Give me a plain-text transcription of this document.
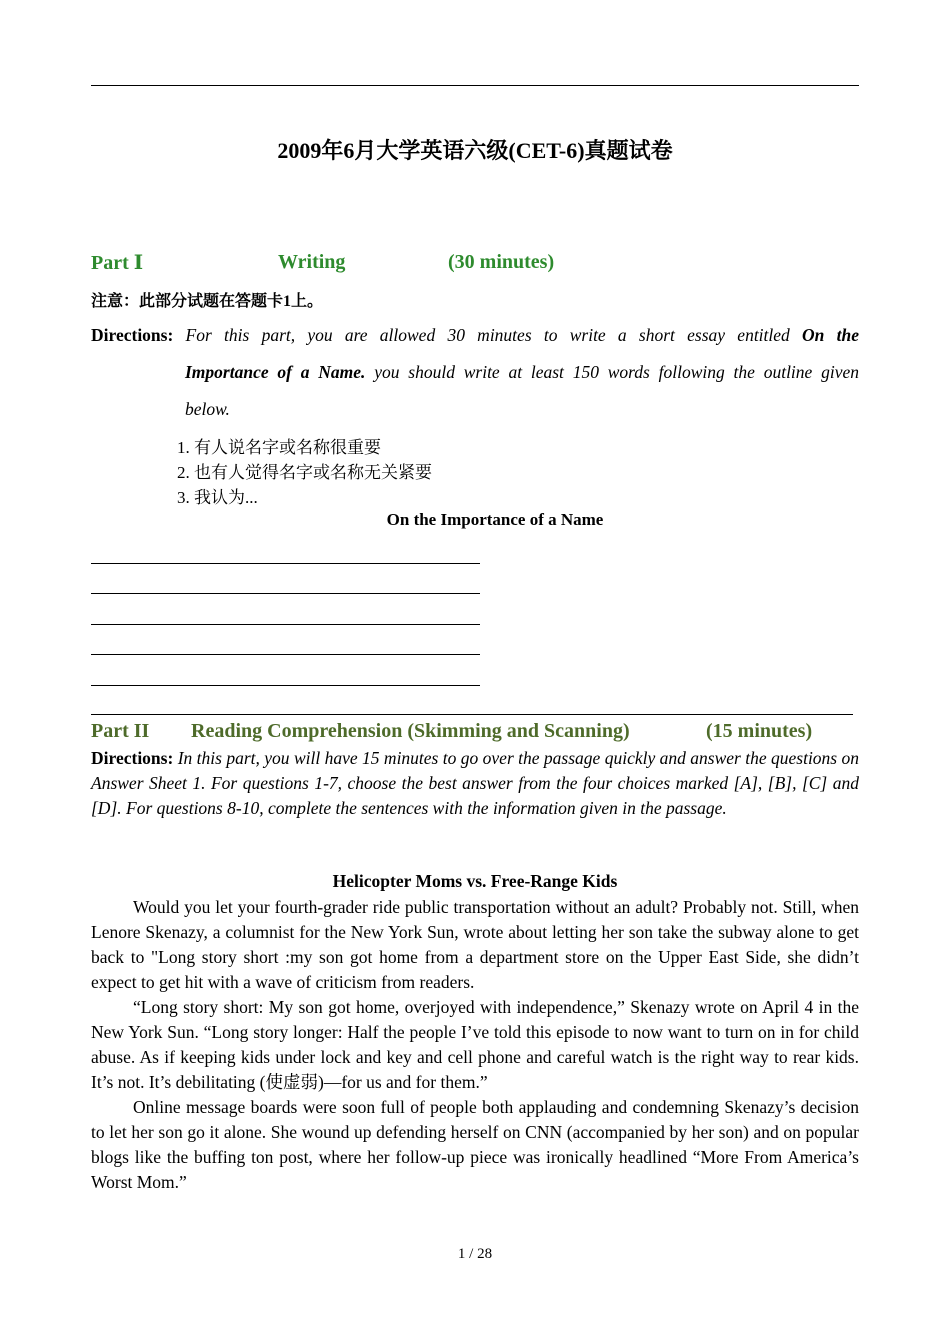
2009年6月大学英语六级(CET-6)真题试卷
Part Ⅰ	Writing	(30 minutes)
注意：此部分试题在答题卡1上。
Directions: For this part, you are allowed 30 minutes to write a short essay entitled On the
Importance of a Name. you should write at least 150 words following the outline given
below.
1. 有人说名字或名称很重要
2. 也有人觉得名字或名称无关紧要
3. 我认为...
On the Importance of a Name
Part II Reading Comprehension (Skimming and Scanning)	(15 minutes)
Directions: In this part, you will have 15 minutes to go over the passage quickly and answer the questions on Answer Sheet 1. For questions 1-7, choose the best answer from the four choices marked [A], [B], [C] and [D]. For questions 8-10, complete the sentences with the information given in the passage.
Helicopter Moms vs. Free-Range Kids

Would you let your fourth-grader ride public transportation without an adult? Probably not. Still, when Lenore Skenazy, a columnist for the New York Sun, wrote about letting her son take the subway alone to get back to "Long story short :my son got home from a department store on the Upper East Side, she didn’t expect to get hit with a wave of criticism from readers.

“Long story short: My son got home, overjoyed with independence,” Skenazy wrote on April 4 in the New York Sun. “Long story longer: Half the people I’ve told this episode to now want to turn on in for child abuse. As if keeping kids under lock and key and cell phone and careful watch is the right way to rear kids. It’s not. It’s debilitating (使虚弱)—for us and for them.”

Online message boards were soon full of people both applauding and condemning Skenazy’s decision to let her son go it alone. She wound up defending herself on CNN (accompanied by her son) and on popular blogs like the buffing ton post, where her follow-up piece was ironically headlined “More From America’s Worst Mom.”

1 / 28
